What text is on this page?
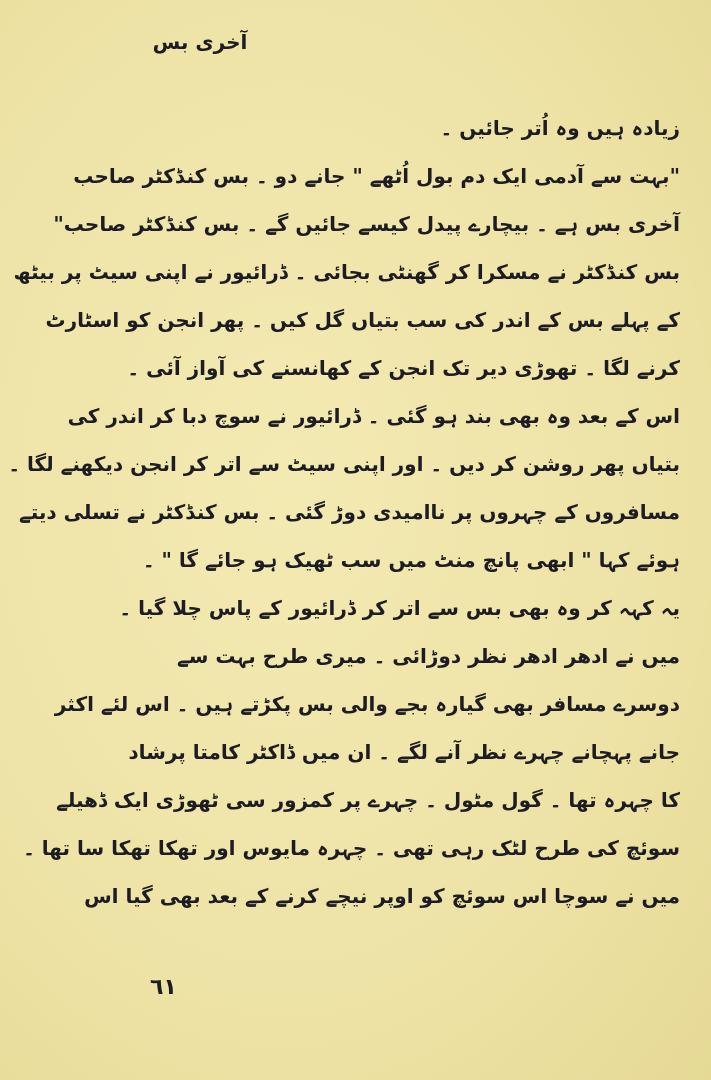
آخری بس
زیادہ ہیں وہ اُتر جائیں ۔
"بہت سے آدمی ایک دم بول اُٹھے " جانے دو ۔ بس کنڈکٹر صاحب
آخری بس ہے ۔ بیچارے پیدل کیسے جائیں گے ۔ بس کنڈکٹر صاحب"
بس کنڈکٹر نے مسکرا کر گھنٹی بجائی ۔ ڈرائیور نے اپنی سیٹ پر بیٹھ
کے پہلے بس کے اندر کی سب بتیاں گل کیں ۔ پھر انجن کو اسٹارٹ
کرنے لگا ۔ تھوڑی دیر تک انجن کے کھانسنے کی آواز آئی ۔
اس کے بعد وہ بھی بند ہو گئی ۔ ڈرائیور نے سوچ دبا کر اندر کی
بتیاں پھر روشن کر دیں ۔ اور اپنی سیٹ سے اتر کر انجن دیکھنے لگا ۔
مسافروں کے چہروں پر ناامیدی دوڑ گئی ۔ بس کنڈکٹر نے تسلی دیتے
ہوئے کہا " ابھی پانچ منٹ میں سب ٹھیک ہو جائے گا " ۔
یہ کہہ کر وہ بھی بس سے اتر کر ڈرائیور کے پاس چلا گیا ۔
میں نے ادھر ادھر نظر دوڑائی ۔ میری طرح بہت سے
دوسرے مسافر بھی گیارہ بجے والی بس پکڑتے ہیں ۔ اس لئے اکثر
جانے پہچانے چہرے نظر آنے لگے ۔ ان میں ڈاکٹر کامتا پرشاد
کا چہرہ تھا ۔ گول مٹول ۔ چہرے پر کمزور سی ٹھوڑی ایک ڈھیلے
سوئچ کی طرح لٹک رہی تھی ۔ چہرہ مایوس اور تھکا تھکا سا تھا ۔
میں نے سوچا اس سوئچ کو اوپر نیچے کرنے کے بعد بھی گیا اس
٦١
